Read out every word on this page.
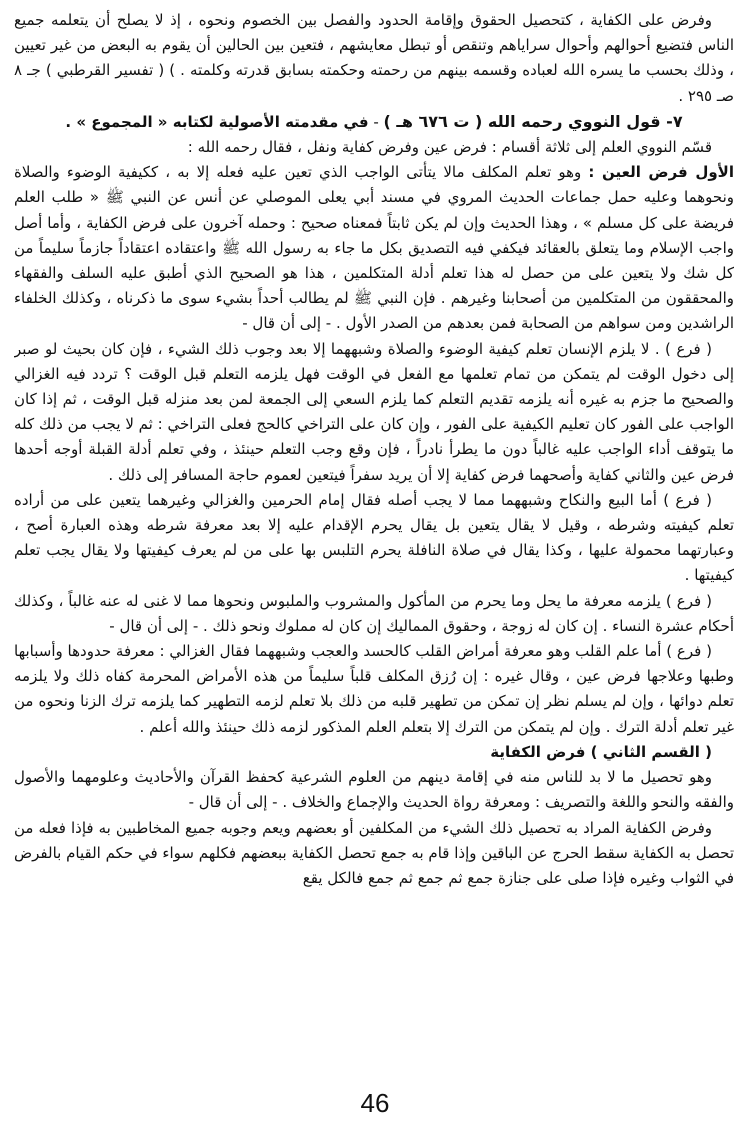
وفرض على الكفاية ، كتحصيل الحقوق وإقامة الحدود والفصل بين الخصوم ونحوه ، إذ لا يصلح أن يتعلمه جميع الناس فتضيع أحوالهم وأحوال سراياهم وتنقص أو تبطل معايشهم ، فتعين بين الحالين أن يقوم به البعض من غير تعيين ، وذلك بحسب ما يسره الله لعباده وقسمه بينهم من رحمته وحكمته بسابق قدرته وكلمته . ) ( تفسير القرطبي ) جـ ٨ صـ ٢٩٥ .

٧- قول النووي رحمه الله ( ت ٦٧٦ هـ ) - في مقدمته الأصولية لكتابه « المجموع » .

قسّم النووي العلم إلى ثلاثة أقسام : فرض عين وفرض كفاية ونفل ، فقال رحمه الله :

الأول فرض العين : وهو تعلم المكلف مالا يتأتى الواجب الذي تعين عليه فعله إلا به ، ككيفية الوضوء والصلاة ونحوهما وعليه حمل جماعات الحديث المروي في مسند أبي يعلى الموصلي عن أنس عن النبي ﷺ « طلب العلم فريضة على كل مسلم » ، وهذا الحديث وإن لم يكن ثابتاً فمعناه صحيح : وحمله آخرون على فرض الكفاية ، وأما أصل واجب الإسلام وما يتعلق بالعقائد فيكفي فيه التصديق بكل ما جاء به رسول الله ﷺ واعتقاده اعتقاداً جازماً سليماً من كل شك ولا يتعين على من حصل له هذا تعلم أدلة المتكلمين ، هذا هو الصحيح الذي أطبق عليه السلف والفقهاء والمحققون من المتكلمين من أصحابنا وغيرهم . فإن النبي ﷺ لم يطالب أحداً بشيء سوى ما ذكرناه ، وكذلك الخلفاء الراشدين ومن سواهم من الصحابة فمن بعدهم من الصدر الأول . - إلى أن قال -

( فرع ) . لا يلزم الإنسان تعلم كيفية الوضوء والصلاة وشبههما إلا بعد وجوب ذلك الشيء ، فإن كان بحيث لو صبر إلى دخول الوقت لم يتمكن من تمام تعلمها مع الفعل في الوقت فهل يلزمه التعلم قبل الوقت ؟ تردد فيه الغزالي والصحيح ما جزم به غيره أنه يلزمه تقديم التعلم كما يلزم السعي إلى الجمعة لمن بعد منزله قبل الوقت ، ثم إذا كان الواجب على الفور كان تعليم الكيفية على الفور ، وإن كان على التراخي كالحج فعلى التراخي : ثم لا يجب من ذلك كله ما يتوقف أداء الواجب عليه غالباً دون ما يطرأ نادراً ، فإن وقع وجب التعلم حينئذ ، وفي تعلم أدلة القبلة أوجه أحدها فرض عين والثاني كفاية وأصحهما فرض كفاية إلا أن يريد سفراً فيتعين لعموم حاجة المسافر إلى ذلك .

( فرع ) أما البيع والنكاح وشبههما مما لا يجب أصله فقال إمام الحرمين والغزالي وغيرهما يتعين على من أراده تعلم كيفيته وشرطه ، وقيل لا يقال يتعين بل يقال يحرم الإقدام عليه إلا بعد معرفة شرطه وهذه العبارة أصح ، وعبارتهما محمولة عليها ، وكذا يقال في صلاة النافلة يحرم التلبس بها على من لم يعرف كيفيتها ولا يقال يجب تعلم كيفيتها .

( فرع ) يلزمه معرفة ما يحل وما يحرم من المأكول والمشروب والملبوس ونحوها مما لا غنى له عنه غالباً ، وكذلك أحكام عشرة النساء . إن كان له زوجة ، وحقوق المماليك إن كان له مملوك ونحو ذلك . - إلى أن قال -

( فرع ) أما علم القلب وهو معرفة أمراض القلب كالحسد والعجب وشبههما فقال الغزالي : معرفة حدودها وأسبابها وطبها وعلاجها فرض عين ، وقال غيره : إن رُزق المكلف قلباً سليماً من هذه الأمراض المحرمة كفاه ذلك ولا يلزمه تعلم دوائها ، وإن لم يسلم نظر إن تمكن من تطهير قلبه من ذلك بلا تعلم لزمه التطهير كما يلزمه ترك الزنا ونحوه من غير تعلم أدلة الترك . وإن لم يتمكن من الترك إلا بتعلم العلم المذكور لزمه ذلك حينئذ والله أعلم .

( القسم الثاني ) فرض الكفاية

وهو تحصيل ما لا بد للناس منه في إقامة دينهم من العلوم الشرعية كحفظ القرآن والأحاديث وعلومهما والأصول والفقه والنحو واللغة والتصريف : ومعرفة رواة الحديث والإجماع والخلاف . - إلى أن قال -

وفرض الكفاية المراد به تحصيل ذلك الشيء من المكلفين أو بعضهم ويعم وجوبه جميع المخاطبين به فإذا فعله من تحصل به الكفاية سقط الحرج عن الباقين وإذا قام به جمع تحصل الكفاية ببعضهم فكلهم سواء في حكم القيام بالفرض في الثواب وغيره فإذا صلى على جنازة جمع ثم جمع ثم جمع فالكل يقع

46
